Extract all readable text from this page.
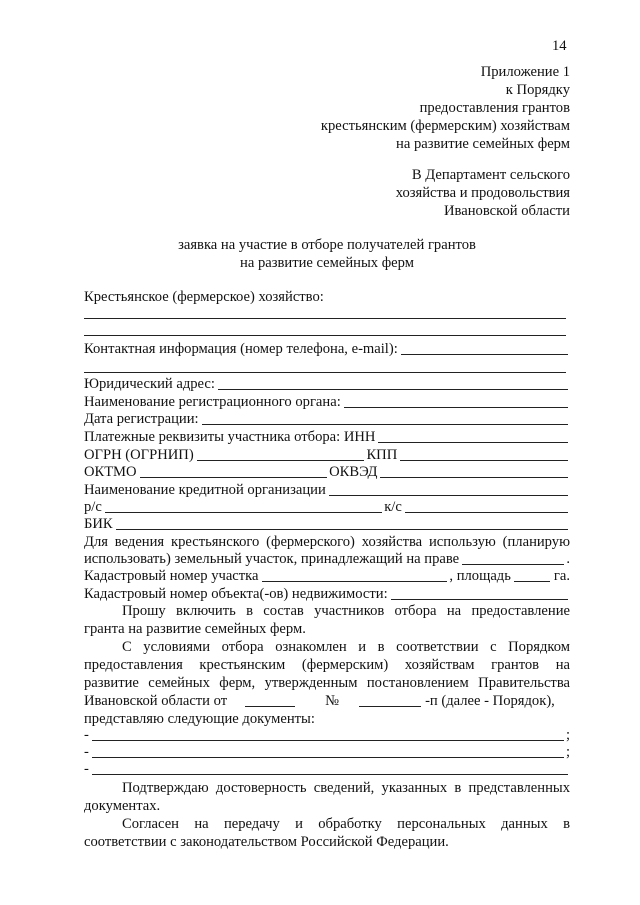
14
Приложение 1
к Порядку
предоставления грантов
крестьянским (фермерским) хозяйствам
на развитие семейных ферм
В Департамент сельского
хозяйства и продовольствия
Ивановской области
заявка на участие в отборе получателей грантов
на развитие семейных ферм
Крестьянское (фермерское) хозяйство:
Контактная информация (номер телефона, e-mail):
Юридический адрес:
Наименование регистрационного органа:
Дата регистрации:
Платежные реквизиты участника отбора: ИНН
ОГРН (ОГРНИП)	КПП
ОКТМО	ОКВЭД
Наименование кредитной организации
р/с	к/с
БИК
Для ведения крестьянского (фермерского) хозяйства использую (планирую
использовать) земельный участок, принадлежащий на праве	.
Кадастровый номер участка	, площадь	га.
Кадастровый номер объекта(-ов) недвижимости:
Прошу включить в состав участников отбора на предоставление
гранта на развитие семейных ферм.
С условиями отбора ознакомлен и в соответствии с Порядком
предоставления крестьянским (фермерским) хозяйствам грантов на
развитие семейных ферм, утвержденным постановлением Правительства
Ивановской области от	№	-п (далее - Порядок),
представляю следующие документы:
-	;
-	;
-
Подтверждаю достоверность сведений, указанных в представленных
документах.
Согласен на передачу и обработку персональных данных в
соответствии с законодательством Российской Федерации.
